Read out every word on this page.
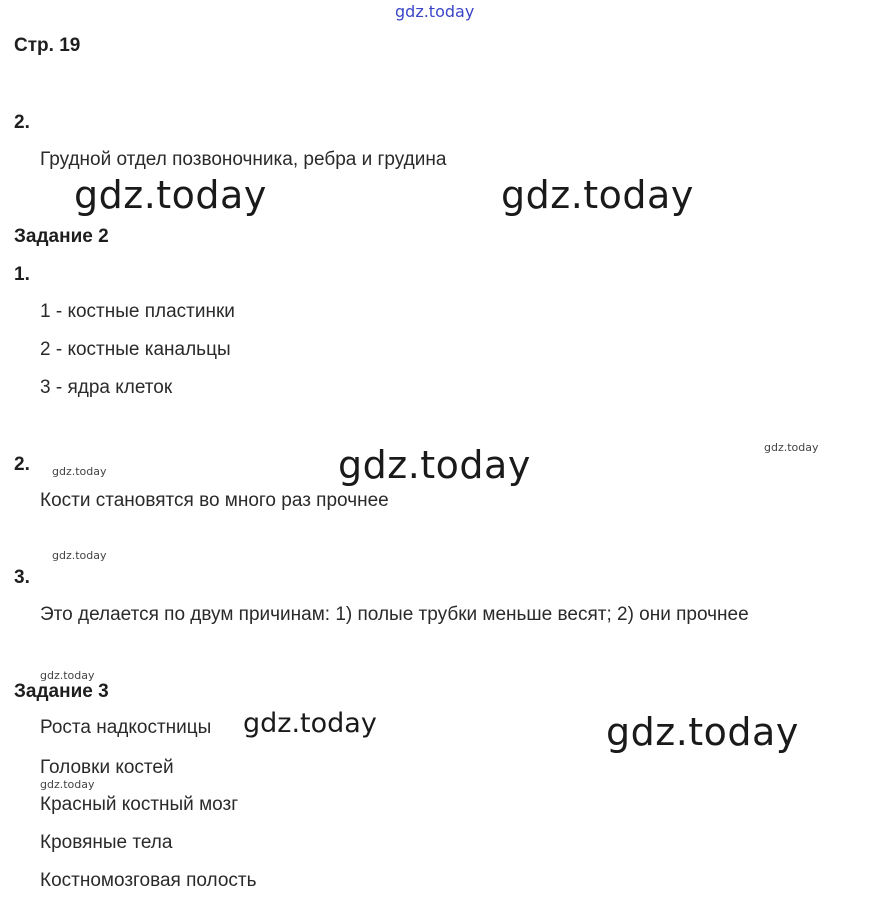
gdz.today
gdz.today	gdz.today
gdz.today	gdz.today
gdz.today
gdz.today
gdz.today
gdz.today	gdz.today
gdz.today
Стр. 19
2.
Грудной отдел позвоночника, ребра и грудина
Задание 2
1.
1 - костные пластинки
2 - костные канальцы
3 - ядра клеток
2.
Кости становятся во много раз прочнее
3.
Это делается по двум причинам: 1) полые трубки меньше весят; 2) они прочнее
Задание 3
Роста надкостницы
Головки костей
Красный костный мозг
Кровяные тела
Костномозговая полость
